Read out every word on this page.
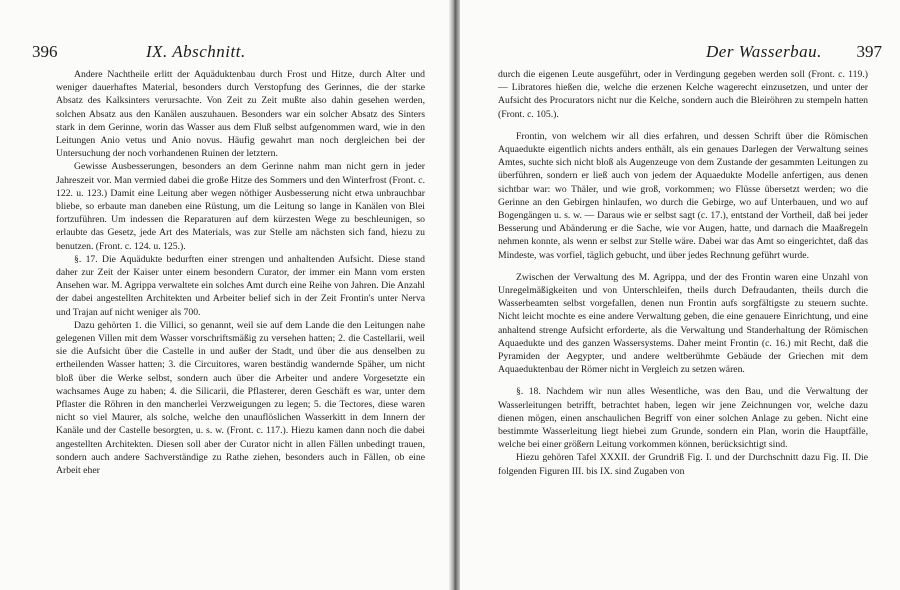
396	IX. Abschnitt.

Andere Nachtheile erlitt der Aquäduktenbau durch Frost und Hitze, durch Alter und weniger dauerhaftes Material, besonders durch Verstopfung des Gerinnes, die der starke Absatz des Kalksinters verursachte. Von Zeit zu Zeit mußte also dahin gesehen werden, solchen Absatz aus den Kanälen auszuhauen. Besonders war ein solcher Absatz des Sinters stark in dem Gerinne, worin das Wasser aus dem Fluß selbst aufgenommen ward, wie in den Leitungen Anio vetus und Anio novus. Häufig gewahrt man noch dergleichen bei der Untersuchung der noch vorhandenen Ruinen der letztern.

Gewisse Ausbesserungen, besonders an dem Gerinne nahm man nicht gern in jeder Jahreszeit vor. Man vermied dabei die große Hitze des Sommers und den Winterfrost (Front. c. 122. u. 123.) Damit eine Leitung aber wegen nöthiger Ausbesserung nicht etwa unbrauchbar bliebe, so erbaute man daneben eine Rüstung, um die Leitung so lange in Kanälen von Blei fortzuführen. Um indessen die Reparaturen auf dem kürzesten Wege zu beschleunigen, so erlaubte das Gesetz, jede Art des Materials, was zur Stelle am nächsten sich fand, hiezu zu benutzen. (Front. c. 124. u. 125.).

§. 17. Die Aquädukte bedurften einer strengen und anhaltenden Aufsicht. Diese stand daher zur Zeit der Kaiser unter einem besondern Curator, der immer ein Mann vom ersten Ansehen war. M. Agrippa verwaltete ein solches Amt durch eine Reihe von Jahren. Die Anzahl der dabei angestellten Architekten und Arbeiter belief sich in der Zeit Frontin's unter Nerva und Trajan auf nicht weniger als 700.

Dazu gehörten 1. die Villici, so genannt, weil sie auf dem Lande die den Leitungen nahe gelegenen Villen mit dem Wasser vorschriftsmäßig zu versehen hatten; 2. die Castellarii, weil sie die Aufsicht über die Castelle in und außer der Stadt, und über die aus denselben zu ertheilenden Wasser hatten; 3. die Circuitores, waren beständig wandernde Späher, um nicht bloß über die Werke selbst, sondern auch über die Arbeiter und andere Vorgesetzte ein wachsames Auge zu haben; 4. die Silicarii, die Pflasterer, deren Geschäft es war, unter dem Pflaster die Röhren in den mancherlei Verzweigungen zu legen; 5. die Tectores, diese waren nicht so viel Maurer, als solche, welche den unauflöslichen Wasserkitt in dem Innern der Kanäle und der Castelle besorgten, u. s. w. (Front. c. 117.). Hiezu kamen dann noch die dabei angestellten Architekten. Diesen soll aber der Curator nicht in allen Fällen unbedingt trauen, sondern auch andere Sachverständige zu Rathe ziehen, besonders auch in Fällen, ob eine Arbeit eher

Der Wasserbau. 397

durch die eigenen Leute ausgeführt, oder in Verdingung gegeben werden soll (Front. c. 119.) — Libratores hießen die, welche die erzenen Kelche wagerecht einzusetzen, und unter der Aufsicht des Procurators nicht nur die Kelche, sondern auch die Bleiröhren zu stempeln hatten (Front. c. 105.).

Frontin, von welchem wir all dies erfahren, und dessen Schrift über die Römischen Aquaedukte eigentlich nichts anders enthält, als ein genaues Darlegen der Verwaltung seines Amtes, suchte sich nicht bloß als Augenzeuge von dem Zustande der gesammten Leitungen zu überführen, sondern er ließ auch von jedem der Aquaedukte Modelle anfertigen, aus denen sichtbar war: wo Thäler, und wie groß, vorkommen; wo Flüsse übersetzt werden; wo die Gerinne an den Gebirgen hinlaufen, wo durch die Gebirge, wo auf Unterbauen, und wo auf Bogengängen u. s. w. — Daraus wie er selbst sagt (c. 17.), entstand der Vortheil, daß bei jeder Besserung und Abänderung er die Sache, wie vor Augen, hatte, und darnach die Maaßregeln nehmen konnte, als wenn er selbst zur Stelle wäre. Dabei war das Amt so eingerichtet, daß das Mindeste, was vorfiel, täglich gebucht, und über jedes Rechnung geführt wurde.

Zwischen der Verwaltung des M. Agrippa, und der des Frontin waren eine Unzahl von Unregelmäßigkeiten und von Unterschleifen, theils durch Defraudanten, theils durch die Wasserbeamten selbst vorgefallen, denen nun Frontin aufs sorgfältigste zu steuern suchte. Nicht leicht mochte es eine andere Verwaltung geben, die eine genauere Einrichtung, und eine anhaltend strenge Aufsicht erforderte, als die Verwaltung und Standerhaltung der Römischen Aquaedukte und des ganzen Wassersystems. Daher meint Frontin (c. 16.) mit Recht, daß die Pyramiden der Aegypter, und andere weltberühmte Gebäude der Griechen mit dem Aquaeduktenbau der Römer nicht in Vergleich zu setzen wären.

§. 18. Nachdem wir nun alles Wesentliche, was den Bau, und die Verwaltung der Wasserleitungen betrifft, betrachtet haben, legen wir jene Zeichnungen vor, welche dazu dienen mögen, einen anschaulichen Begriff von einer solchen Anlage zu geben. Nicht eine bestimmte Wasserleitung liegt hiebei zum Grunde, sondern ein Plan, worin die Hauptfälle, welche bei einer größern Leitung vorkommen können, berücksichtigt sind.

Hiezu gehören Tafel XXXII. der Grundriß Fig. I. und der Durchschnitt dazu Fig. II. Die folgenden Figuren III. bis IX. sind Zugaben von
